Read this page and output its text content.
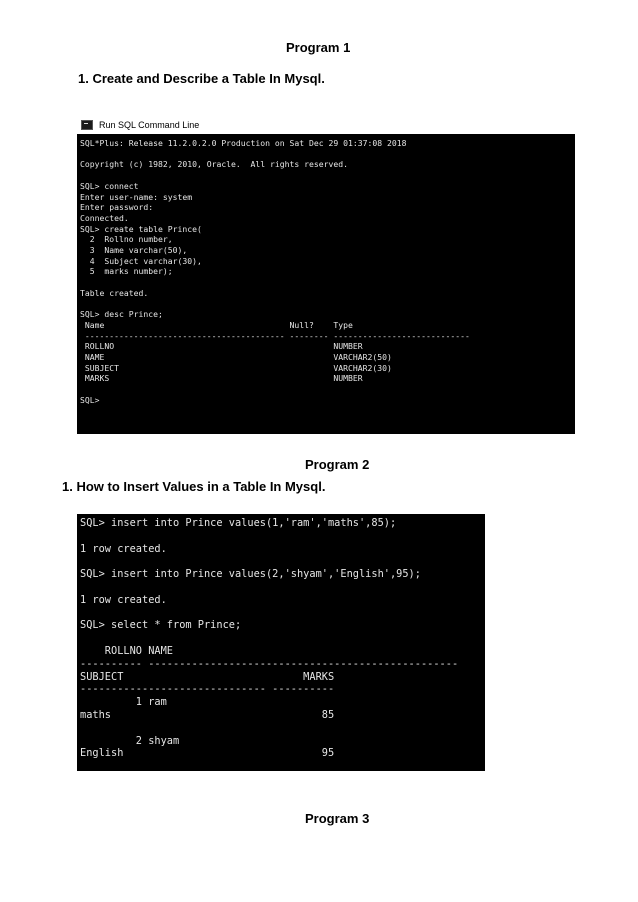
Program 1
1. Create and Describe a Table In Mysql.
Run SQL Command Line
SQL*Plus: Release 11.2.0.2.0 Production on Sat Dec 29 01:37:08 2018

Copyright (c) 1982, 2010, Oracle.  All rights reserved.

SQL> connect
Enter user-name: system
Enter password:
Connected.
SQL> create table Prince(
2  Rollno number,
3  Name varchar(50),
4  Subject varchar(30),
5  marks number);

Table created.

SQL> desc Prince;
Name                                      Null?    Type
----------------------------------------- -------- ----------------------------
ROLLNO                                             NUMBER
NAME                                               VARCHAR2(50)
SUBJECT                                            VARCHAR2(30)
MARKS                                              NUMBER

SQL>

Program 2
1. How to Insert Values in a Table In Mysql.
SQL> insert into Prince values(1,'ram','maths',85);

1 row created.

SQL> insert into Prince values(2,'shyam','English',95);

1 row created.

SQL> select * from Prince;

ROLLNO NAME
---------- --------------------------------------------------
SUBJECT                             MARKS
------------------------------ ----------
1 ram
maths                                  85

2 shyam
English                                95

Program 3
